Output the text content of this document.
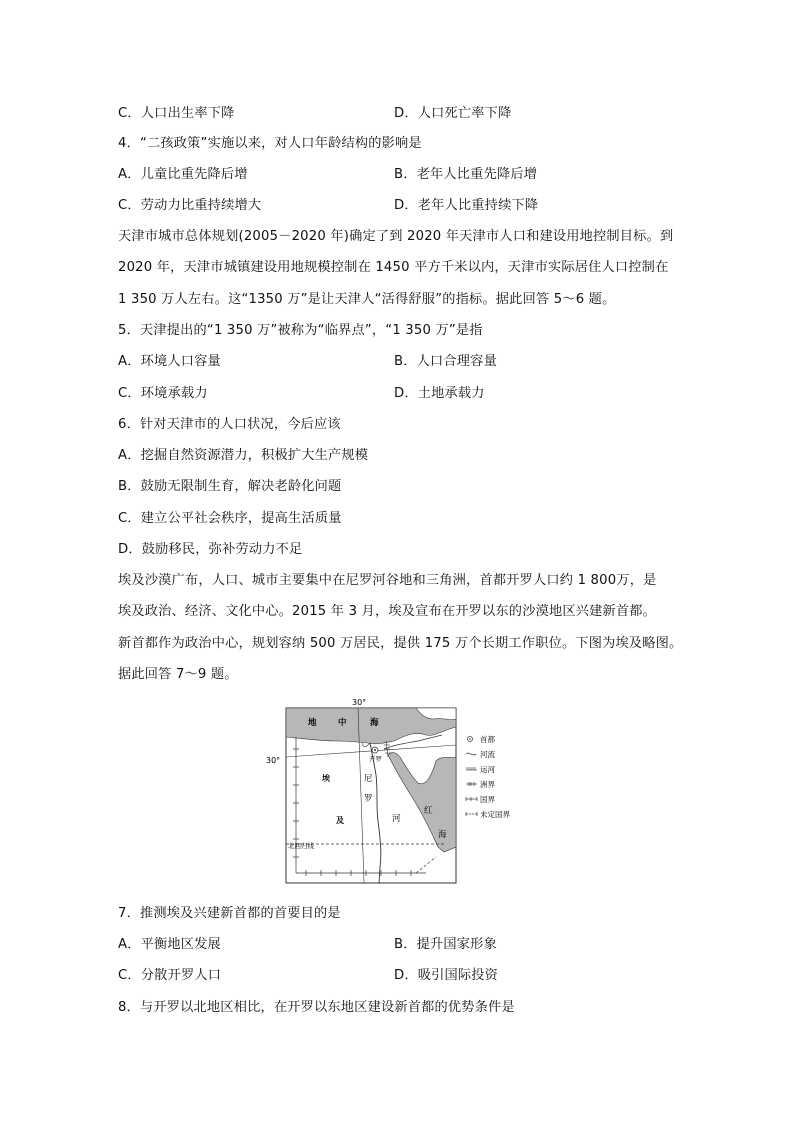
C．人口出生率下降	D．人口死亡率下降
4．“二孩政策”实施以来，对人口年龄结构的影响是
A．儿童比重先降后增	B．老年人比重先降后增
C．劳动力比重持续增大	D．老年人比重持续下降
天津市城市总体规划(2005－2020 年)确定了到 2020 年天津市人口和建设用地控制目标。到
2020 年，天津市城镇建设用地规模控制在 1450 平方千米以内，天津市实际居住人口控制在
1 350 万人左右。这“1350 万”是让天津人“活得舒服”的指标。据此回答 5～6 题。
5．天津提出的“1 350 万”被称为“临界点”，“1 350 万”是指
A．环境人口容量	B．人口合理容量
C．环境承载力	D．土地承载力
6．针对天津市的人口状况，今后应该
A．挖掘自然资源潜力，积极扩大生产规模
B．鼓励无限制生育，解决老龄化问题
C．建立公平社会秩序，提高生活质量
D．鼓励移民，弥补劳动力不足
埃及沙漠广布，人口、城市主要集中在尼罗河谷地和三角洲，首都开罗人口约 1 800万，是
埃及政治、经济、文化中心。2015 年 3 月，埃及宣布在开罗以东的沙漠地区兴建新首都。
新首都作为政治中心，规划容纳 500 万居民，提供 175 万个长期工作职位。下图为埃及略图。
据此回答 7～9 题。
30°
30°
北回归线
开罗
地	中	海
埃
及
尼
罗
河
红
海
首都
河流
运河
洲界
国界
未定国界
7．推测埃及兴建新首都的首要目的是
A．平衡地区发展	B．提升国家形象
C．分散开罗人口	D．吸引国际投资
8．与开罗以北地区相比，在开罗以东地区建设新首都的优势条件是
